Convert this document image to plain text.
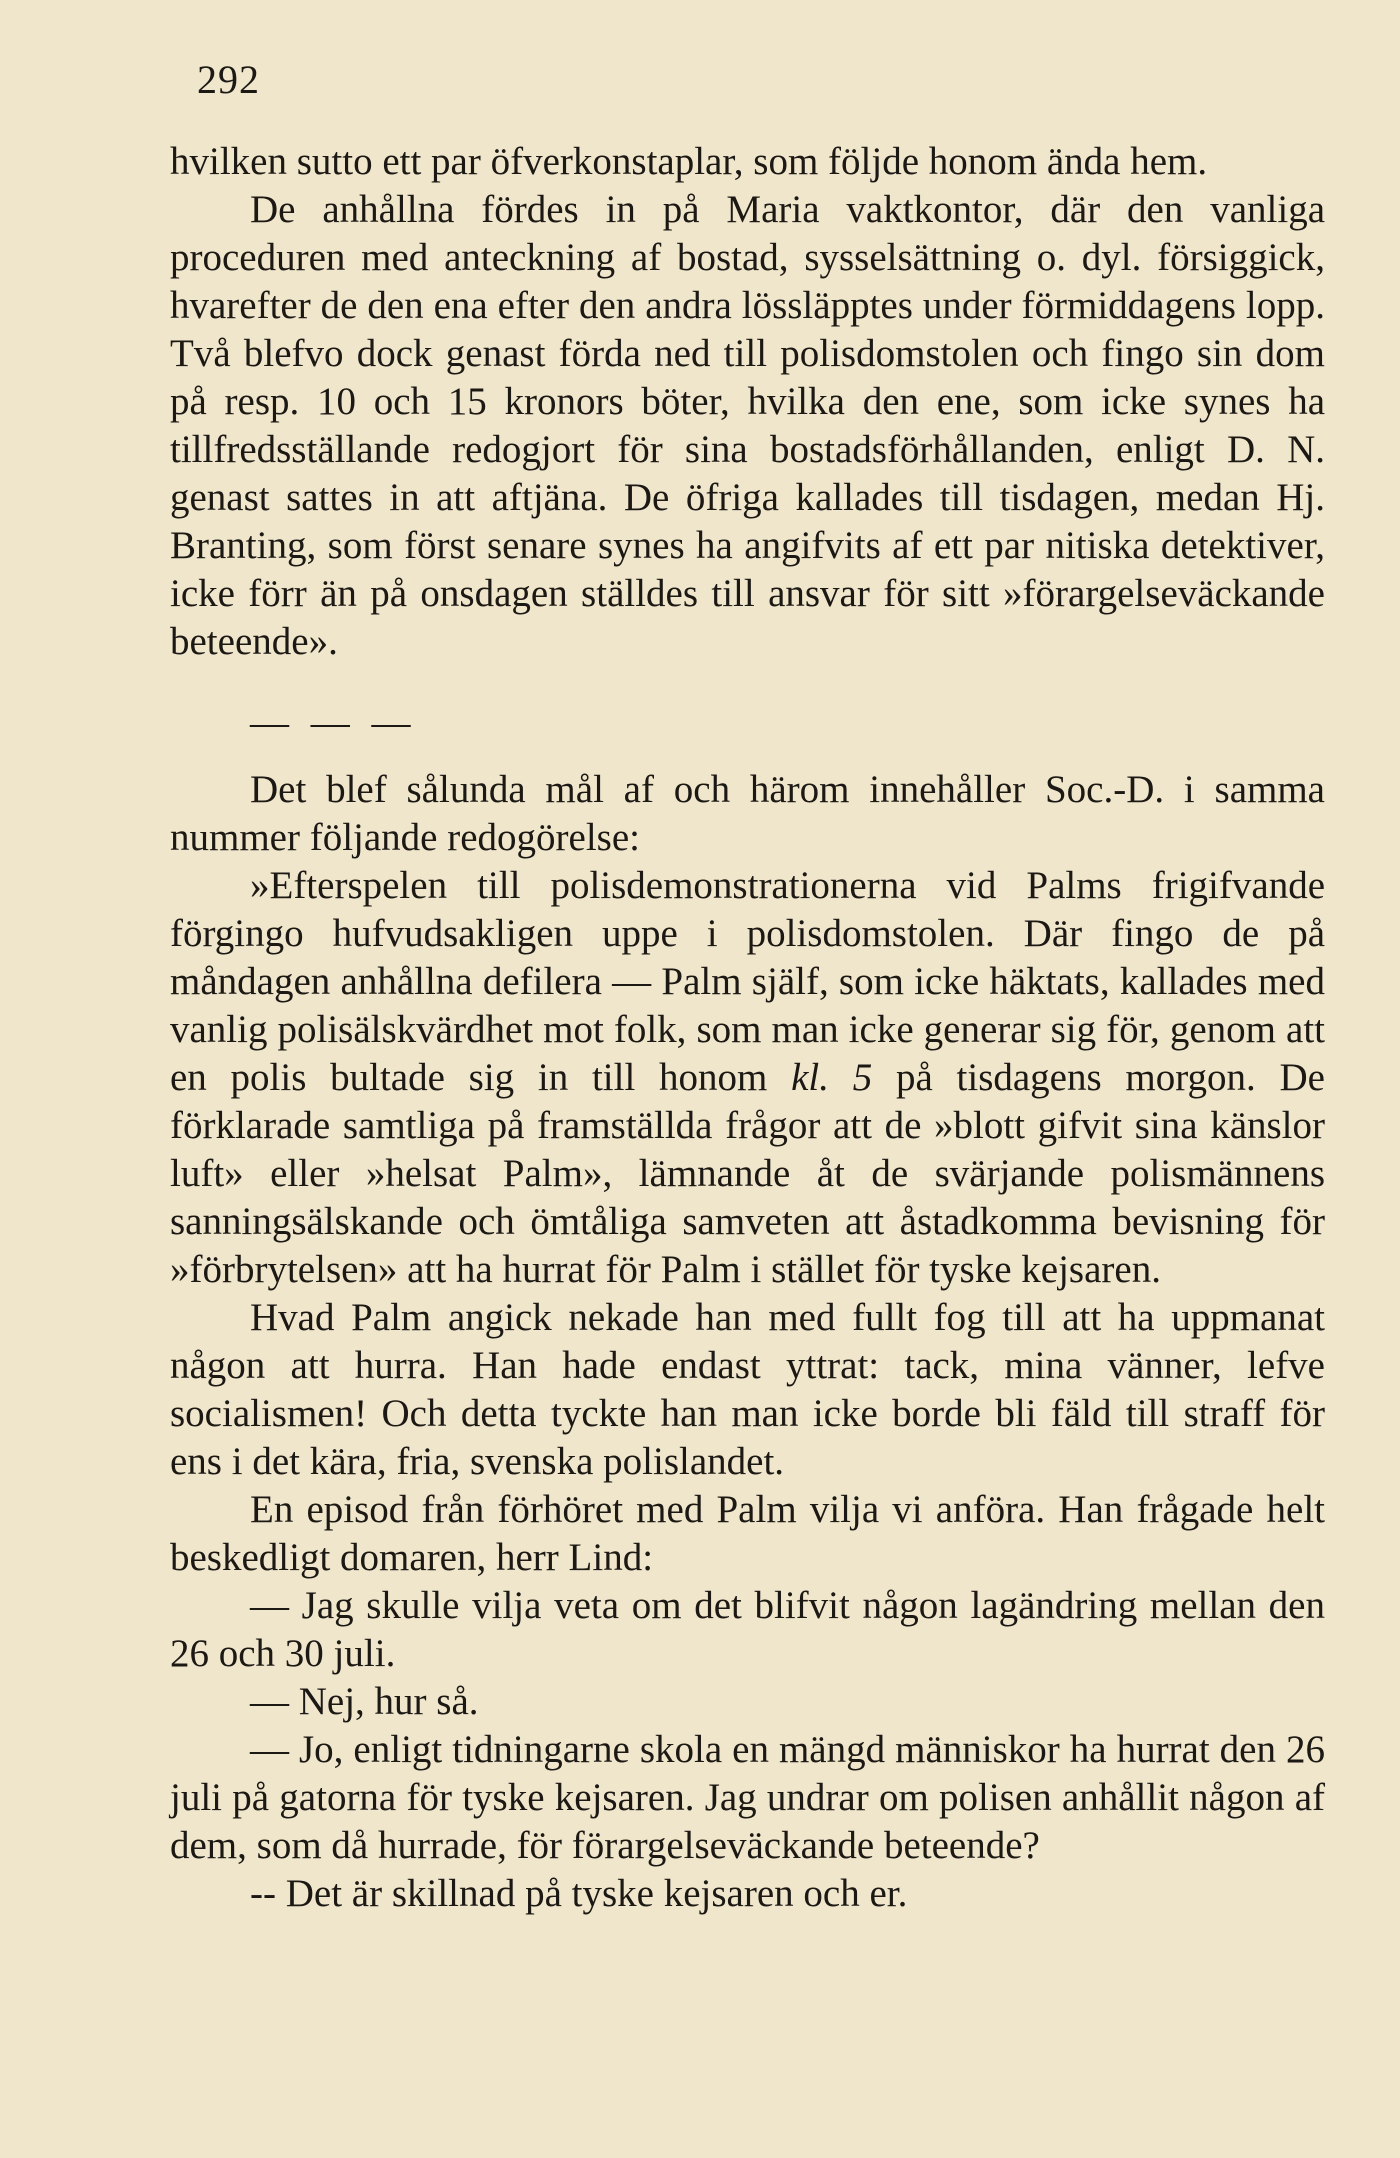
292

hvilken sutto ett par öfverkonstaplar, som följde honom ända hem.

De anhållna fördes in på Maria vaktkontor, där den vanliga proceduren med anteckning af bostad, sysselsättning o. dyl. försiggick, hvarefter de den ena efter den andra lössläpptes under förmiddagens lopp. Två blefvo dock genast förda ned till polisdomstolen och fingo sin dom på resp. 10 och 15 kronors böter, hvilka den ene, som icke synes ha tillfredsställande redogjort för sina bostadsförhållanden, enligt D. N. genast sattes in att aftjäna. De öfriga kallades till tisdagen, medan Hj. Branting, som först senare synes ha angifvits af ett par nitiska detektiver, icke förr än på onsdagen ställdes till ansvar för sitt »förargelseväckande beteende».

— — —

Det blef sålunda mål af och härom innehåller Soc.-D. i samma nummer följande redogörelse:

»Efterspelen till polisdemonstrationerna vid Palms frigifvande förgingo hufvudsakligen uppe i polisdomstolen. Där fingo de på måndagen anhållna defilera — Palm själf, som icke häktats, kallades med vanlig polisälskvärdhet mot folk, som man icke generar sig för, genom att en polis bultade sig in till honom kl. 5 på tisdagens morgon. De förklarade samtliga på framställda frågor att de »blott gifvit sina känslor luft» eller »helsat Palm», lämnande åt de svärjande polismännens sanningsälskande och ömtåliga samveten att åstadkomma bevisning för »förbrytelsen» att ha hurrat för Palm i stället för tyske kejsaren.

Hvad Palm angick nekade han med fullt fog till att ha uppmanat någon att hurra. Han hade endast yttrat: tack, mina vänner, lefve socialismen! Och detta tyckte han man icke borde bli fäld till straff för ens i det kära, fria, svenska polislandet.

En episod från förhöret med Palm vilja vi anföra. Han frågade helt beskedligt domaren, herr Lind:

— Jag skulle vilja veta om det blifvit någon lagändring mellan den 26 och 30 juli.

— Nej, hur så.

— Jo, enligt tidningarne skola en mängd människor ha hurrat den 26 juli på gatorna för tyske kejsaren. Jag undrar om polisen anhållit någon af dem, som då hurrade, för förargelseväckande beteende?

-- Det är skillnad på tyske kejsaren och er.
